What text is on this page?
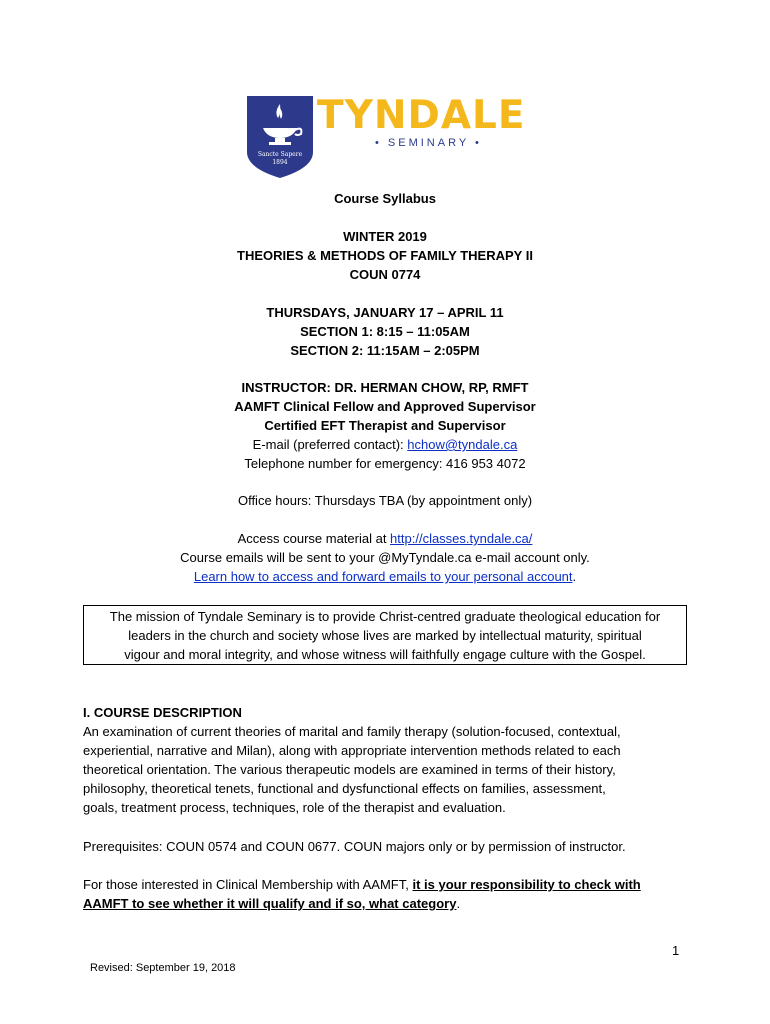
Sancte Sapere
1894
TYNDALE
• SEMINARY •
Course Syllabus
WINTER 2019
THEORIES & METHODS OF FAMILY THERAPY II
COUN 0774
THURSDAYS, JANUARY 17 – APRIL 11
SECTION 1: 8:15 – 11:05AM
SECTION 2: 11:15AM – 2:05PM
INSTRUCTOR: DR. HERMAN CHOW, RP, RMFT
AAMFT Clinical Fellow and Approved Supervisor
Certified EFT Therapist and Supervisor
E-mail (preferred contact): hchow@tyndale.ca
Telephone number for emergency: 416 953 4072
Office hours: Thursdays TBA (by appointment only)
Access course material at http://classes.tyndale.ca/
Course emails will be sent to your @MyTyndale.ca e-mail account only.
Learn how to access and forward emails to your personal account.
The mission of Tyndale Seminary is to provide Christ-centred graduate theological education for
leaders in the church and society whose lives are marked by intellectual maturity, spiritual
vigour and moral integrity, and whose witness will faithfully engage culture with the Gospel.
I. COURSE DESCRIPTION
An examination of current theories of marital and family therapy (solution-focused, contextual,
experiential, narrative and Milan), along with appropriate intervention methods related to each
theoretical orientation. The various therapeutic models are examined in terms of their history,
philosophy, theoretical tenets, functional and dysfunctional effects on families, assessment,
goals, treatment process, techniques, role of the therapist and evaluation.
Prerequisites: COUN 0574 and COUN 0677. COUN majors only or by permission of instructor.
For those interested in Clinical Membership with AAMFT, it is your responsibility to check with
AAMFT to see whether it will qualify and if so, what category.
1
Revised: September 19, 2018
